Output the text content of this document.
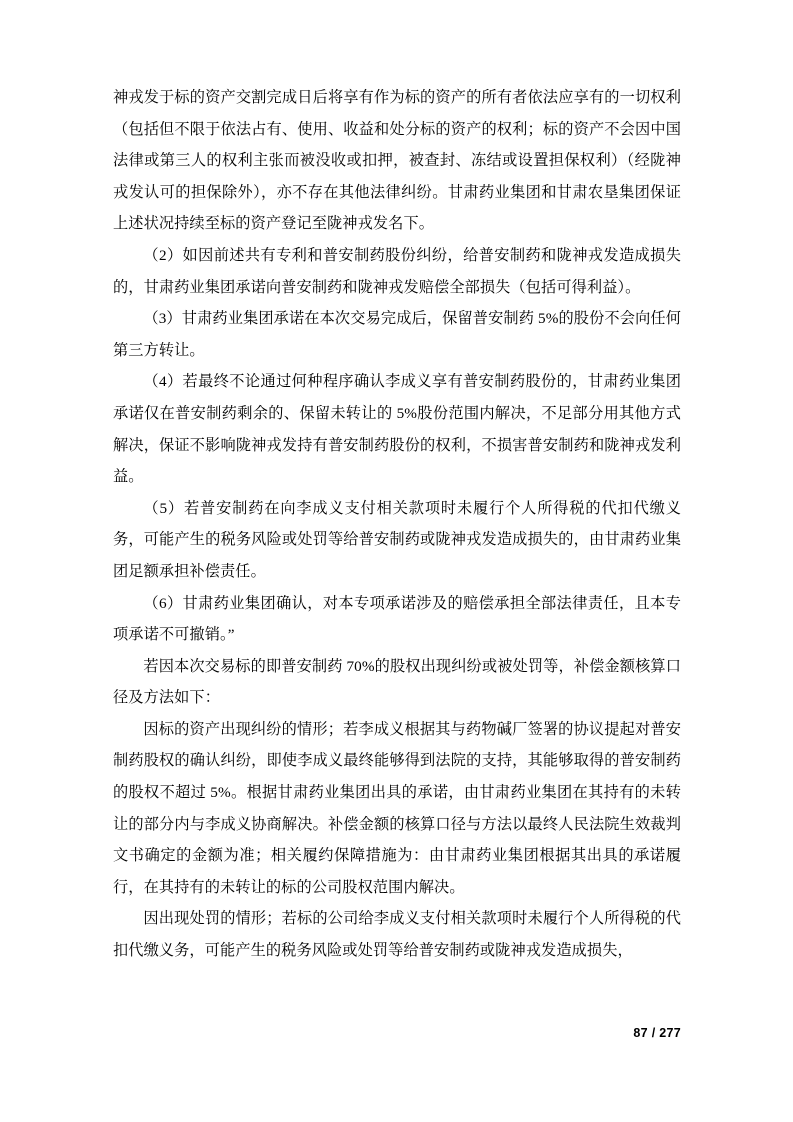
神戎发于标的资产交割完成日后将享有作为标的资产的所有者依法应享有的一切权利（包括但不限于依法占有、使用、收益和处分标的资产的权利；标的资产不会因中国法律或第三人的权利主张而被没收或扣押，被查封、冻结或设置担保权利）（经陇神戎发认可的担保除外），亦不存在其他法律纠纷。甘肃药业集团和甘肃农垦集团保证上述状况持续至标的资产登记至陇神戎发名下。

（2）如因前述共有专利和普安制药股份纠纷，给普安制药和陇神戎发造成损失的，甘肃药业集团承诺向普安制药和陇神戎发赔偿全部损失（包括可得利益）。

（3）甘肃药业集团承诺在本次交易完成后，保留普安制药 5%的股份不会向任何第三方转让。

（4）若最终不论通过何种程序确认李成义享有普安制药股份的，甘肃药业集团承诺仅在普安制药剩余的、保留未转让的 5%股份范围内解决，不足部分用其他方式解决，保证不影响陇神戎发持有普安制药股份的权利，不损害普安制药和陇神戎发利益。

（5）若普安制药在向李成义支付相关款项时未履行个人所得税的代扣代缴义务，可能产生的税务风险或处罚等给普安制药或陇神戎发造成损失的，由甘肃药业集团足额承担补偿责任。

（6）甘肃药业集团确认，对本专项承诺涉及的赔偿承担全部法律责任，且本专项承诺不可撤销。”

若因本次交易标的即普安制药 70%的股权出现纠纷或被处罚等，补偿金额核算口径及方法如下：

因标的资产出现纠纷的情形；若李成义根据其与药物碱厂签署的协议提起对普安制药股权的确认纠纷，即使李成义最终能够得到法院的支持，其能够取得的普安制药的股权不超过 5%。根据甘肃药业集团出具的承诺，由甘肃药业集团在其持有的未转让的部分内与李成义协商解决。补偿金额的核算口径与方法以最终人民法院生效裁判文书确定的金额为准；相关履约保障措施为：由甘肃药业集团根据其出具的承诺履行，在其持有的未转让的标的公司股权范围内解决。

因出现处罚的情形；若标的公司给李成义支付相关款项时未履行个人所得税的代扣代缴义务，可能产生的税务风险或处罚等给普安制药或陇神戎发造成损失，

87 / 277
